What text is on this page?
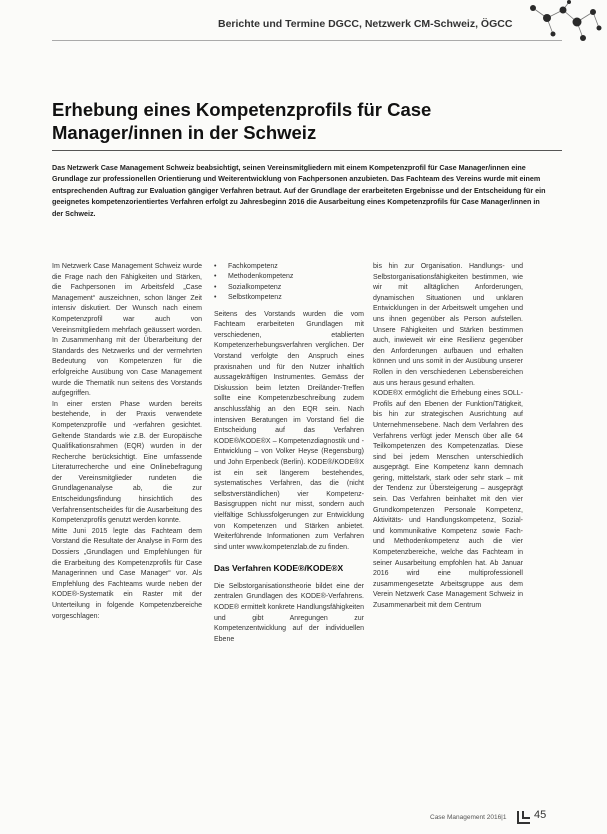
Berichte und Termine DGCC, Netzwerk CM-Schweiz, ÖGCC
Erhebung eines Kompetenzprofils für Case Manager/innen in der Schweiz

Das Netzwerk Case Management Schweiz beabsichtigt, seinen Vereinsmitgliedern mit einem Kompetenzprofil für Case Manager/innen eine Grundlage zur professionellen Orientierung und Weiterentwicklung von Fachpersonen anzubieten. Das Fachteam des Vereins wurde mit einem entsprechenden Auftrag zur Evaluation gängiger Verfahren betraut. Auf der Grundlage der erarbeiteten Ergebnisse und der Entscheidung für ein geeignetes kompetenzorientiertes Verfahren erfolgt zu Jahresbeginn 2016 die Ausarbeitung eines Kompetenzprofils für Case Manager/innen in der Schweiz.

Im Netzwerk Case Management Schweiz wurde die Frage nach den Fähigkeiten und Stärken, die Fachpersonen im Arbeitsfeld „Case Management“ auszeichnen, schon länger Zeit intensiv diskutiert. Der Wunsch nach einem Kompetenzprofil war auch von Vereinsmitgliedern mehrfach geäussert worden. In Zusammenhang mit der Überarbeitung der Standards des Netzwerks und der vermehrten Bedeutung von Kompetenzen für die erfolgreiche Ausübung von Case Management wurde die Thematik nun seitens des Vorstands aufgegriffen.

In einer ersten Phase wurden bereits bestehende, in der Praxis verwendete Kompetenzprofile und -verfahren gesichtet. Geltende Standards wie z.B. der Europäische Qualifikationsrahmen (EQR) wurden in der Recherche berücksichtigt. Eine umfassende Literaturrecherche und eine Onlinebefragung der Vereinsmitglieder rundeten die Grundlagenanalyse ab, die zur Entscheidungsfindung hinsichtlich des Verfahrensentscheides für die Ausarbeitung des Kompetenzprofils genutzt werden konnte.

Mitte Juni 2015 legte das Fachteam dem Vorstand die Resultate der Analyse in Form des Dossiers „Grundlagen und Empfehlungen für die Erarbeitung des Kompetenzprofils für Case Managerinnen und Case Manager“ vor. Als Empfehlung des Fachteams wurde neben der KODE®-Systematik ein Raster mit der Unterteilung in folgende Kompetenzbereiche vorgeschlagen:

• Fachkompetenz
• Methodenkompetenz
• Sozialkompetenz
• Selbstkompetenz

Seitens des Vorstands wurden die vom Fachteam erarbeiteten Grundlagen mit verschiedenen, etablierten Kompetenzerhebungsverfahren verglichen. Der Vorstand verfolgte den Anspruch eines praxisnahen und für den Nutzer inhaltlich aussagekräftigen Instrumentes. Gemäss der Diskussion beim letzten Dreiländer-Treffen sollte eine Kompetenzbeschreibung zudem anschlussfähig an den EQR sein. Nach intensiven Beratungen im Vorstand fiel die Entscheidung auf das Verfahren KODE®/KODE®X – Kompetenzdiagnostik und -Entwicklung – von Volker Heyse (Regensburg) und John Erpenbeck (Berlin). KODE®/KODE®X ist ein seit längerem bestehendes, systematisches Verfahren, das die (nicht selbstverständlichen) vier Kompetenz-Basisgruppen nicht nur misst, sondern auch vielfältige Schlussfolgerungen zur Entwicklung von Kompetenzen und Stärken anbietet. Weiterführende Informationen zum Verfahren sind unter www.kompetenzlab.de zu finden.

Das Verfahren KODE®/KODE®X

Die Selbstorganisationstheorie bildet eine der zentralen Grundlagen des KODE®-Verfahrens. KODE® ermittelt konkrete Handlungsfähigkeiten und gibt Anregungen zur Kompetenzentwicklung auf der individuellen Ebene

bis hin zur Organisation. Handlungs- und Selbstorganisationsfähigkeiten bestimmen, wie wir mit alltäglichen Anforderungen, dynamischen Situationen und unklaren Entwicklungen in der Arbeitswelt umgehen und uns ihnen gegenüber als Person aufstellen. Unsere Fähigkeiten und Stärken bestimmen auch, inwieweit wir eine Resilienz gegenüber den Anforderungen aufbauen und erhalten können und uns somit in der Ausübung unserer Rollen in den verschiedenen Lebensbereichen aus uns heraus gesund erhalten.

KODE®X ermöglicht die Erhebung eines SOLL-Profils auf den Ebenen der Funktion/Tätigkeit, bis hin zur strategischen Ausrichtung auf Unternehmensebene. Nach dem Verfahren des Verfahrens verfügt jeder Mensch über alle 64 Teilkompetenzen des Kompetenzatlas. Diese sind bei jedem Menschen unterschiedlich ausgeprägt. Eine Kompetenz kann demnach gering, mittelstark, stark oder sehr stark – mit der Tendenz zur Übersteigerung – ausgeprägt sein. Das Verfahren beinhaltet mit den vier Grundkompetenzen Personale Kompetenz, Aktivitäts- und Handlungskompetenz, Sozial- und kommunikative Kompetenz sowie Fach- und Methodenkompetenz auch die vier Kompetenzbereiche, welche das Fachteam in seiner Ausarbeitung empfohlen hat. Ab Januar 2016 wird eine multiprofessionell zusammengesetzte Arbeitsgruppe aus dem Verein Netzwerk Case Management Schweiz in Zusammenarbeit mit dem Centrum

Case Management 2016|1	45
